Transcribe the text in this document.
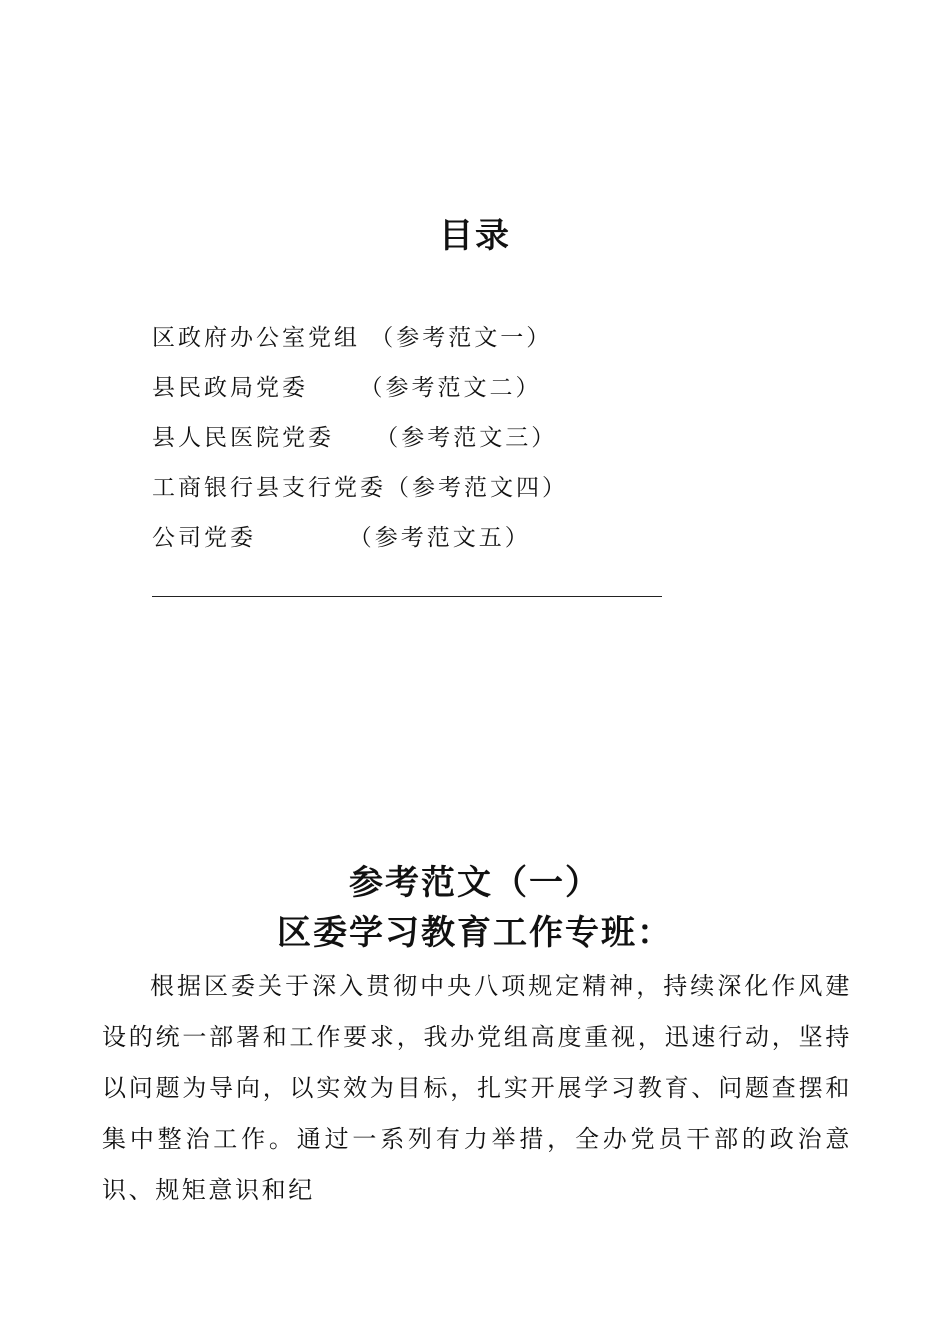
目录
区政府办公室党组 （参考范文一）
县民政局党委     （参考范文二）
县人民医院党委    （参考范文三）
工商银行县支行党委（参考范文四）
公司党委         （参考范文五）
参考范文（一）
区委学习教育工作专班：

根据区委关于深入贯彻中央八项规定精神，持续深化作风建设的统一部署和工作要求，我办党组高度重视，迅速行动，坚持以问题为导向，以实效为目标，扎实开展学习教育、问题查摆和集中整治工作。通过一系列有力举措，全办党员干部的政治意识、规矩意识和纪
